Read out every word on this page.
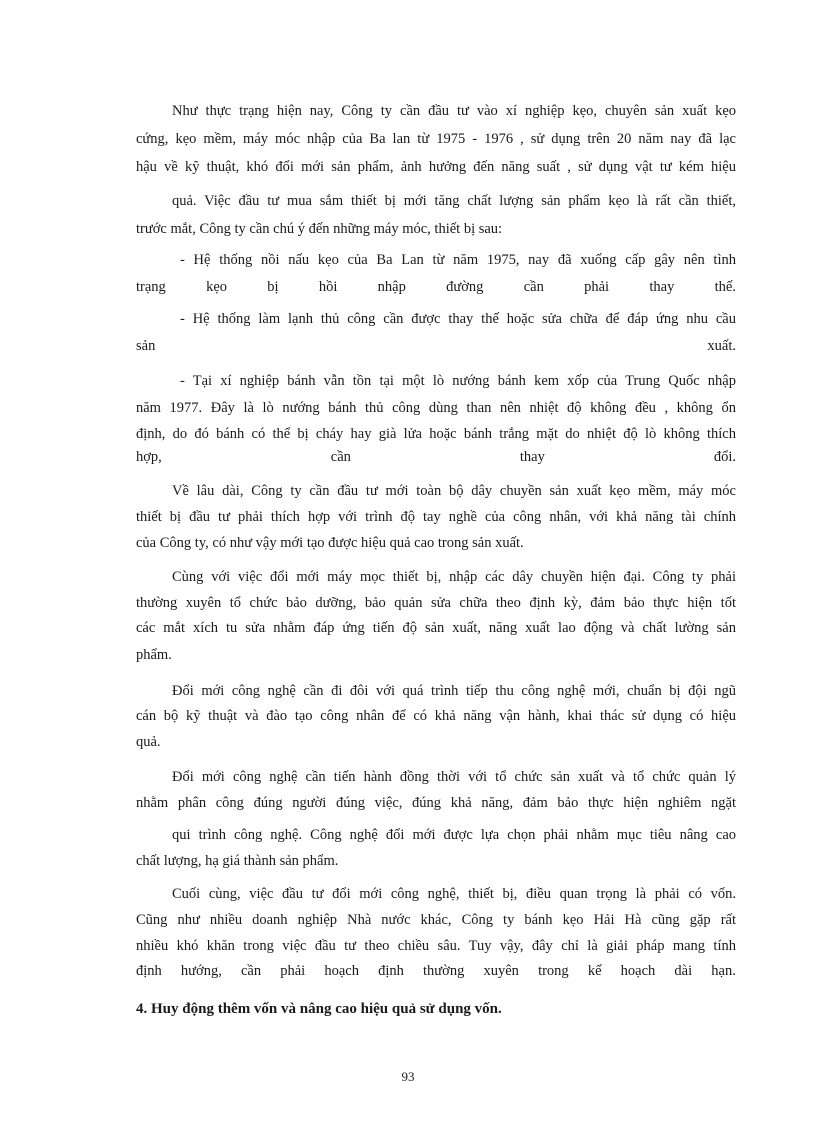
Như thực trạng hiện nay, Công ty cần đầu tư vào xí nghiệp kẹo, chuyên sản xuất kẹo
cứng, kẹo mềm, máy móc nhập của Ba lan từ 1975 - 1976 , sử dụng trên 20 năm nay đã lạc
hậu về kỹ thuật, khó đổi mới sản phẩm, ảnh hưởng đến năng suất , sử dụng vật tư kém hiệu
quả. Việc đầu tư mua sắm thiết bị mới tăng chất lượng sản phẩm kẹo là rất cần thiết,
trước mắt, Công ty cần chú ý đến những máy móc, thiết bị sau:
- Hệ thống nồi nấu kẹo của Ba Lan từ năm 1975, nay đã xuống cấp gây nên tình
trạng	kẹo	bị	hồi	nhập	đường	cần	phải	thay	thế.
- Hệ thống làm lạnh thủ công cần được thay thế hoặc sửa chữa để đáp ứng nhu cầu
sản	xuất.
- Tại xí nghiệp bánh vẫn tồn tại một lò nướng bánh kem xốp của Trung Quốc nhập
năm 1977. Đây là lò nướng bánh thủ công dùng than nên nhiệt độ không đều , không ổn
định, do đó bánh có thể bị cháy hay già lửa hoặc bánh trắng mặt do nhiệt độ lò không thích
hợp,	cần	thay	đổi.
Về lâu dài, Công ty cần đầu tư mới toàn bộ dây chuyền sản xuất kẹo mềm, máy móc
thiết bị đầu tư phải thích hợp với trình độ tay nghề của công nhân, với khả năng tài chính
của Công ty, có như vậy mới tạo được hiệu quả cao trong sản xuất.
Cùng với việc đổi mới máy mọc thiết bị, nhập các dây chuyền hiện đại. Công ty phải
thường xuyên tổ chức bảo dưỡng, bảo quản sửa chữa theo định kỳ, đảm bảo thực hiện tốt
các mắt xích tu sửa nhằm đáp ứng tiến độ sản xuất, năng xuất lao động và chất lường sản
phẩm.
Đổi mới công nghệ cần đi đôi với quá trình tiếp thu công nghệ mới, chuẩn bị đội ngũ
cán bộ kỹ thuật và đào tạo công nhân để có khả năng vận hành, khai thác sử dụng có hiệu
quả.
Đổi mới công nghệ cần tiến hành đồng thời với tổ chức sản xuất và tổ chức quản lý
nhằm phân công đúng người đúng việc, đúng khả năng, đảm bảo thực hiện nghiêm ngặt
qui trình công nghệ. Công nghệ đổi mới được lựa chọn phải nhằm mục tiêu nâng cao
chất lượng, hạ giá thành sản phẩm.
Cuối cùng, việc đầu tư đổi mới công nghệ, thiết bị, điều quan trọng là phải có vốn.
Cũng như nhiều doanh nghiệp Nhà nước khác, Công ty bánh kẹo Hải Hà cũng gặp rất
nhiều khó khăn trong việc đầu tư theo chiều sâu. Tuy vậy, đây chỉ là giải pháp mang tính
định hướng, cần phải hoạch định thường xuyên trong kế hoạch dài hạn.
4. Huy động thêm vốn và nâng cao hiệu quả sử dụng vốn.
93
